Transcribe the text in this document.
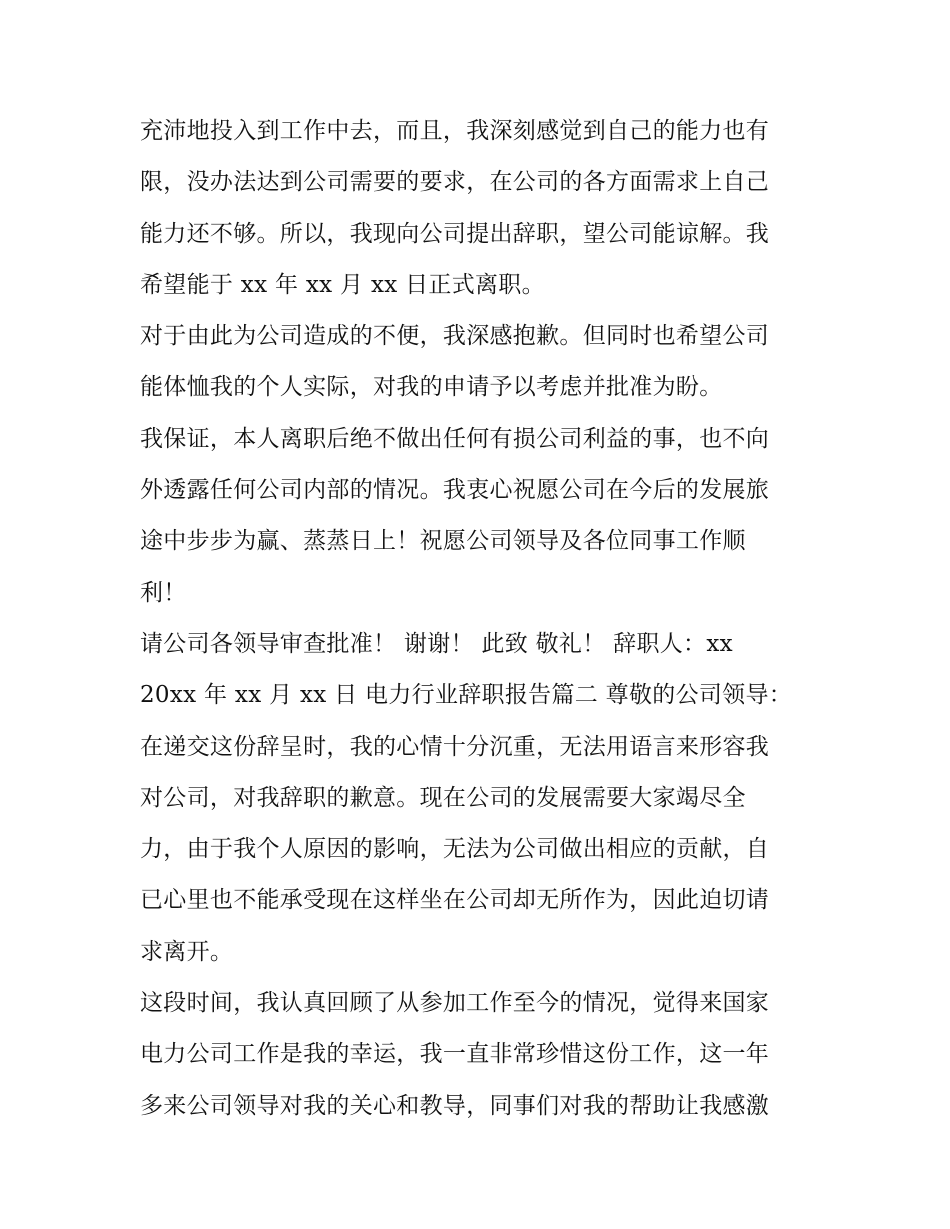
充沛地投入到工作中去，而且，我深刻感觉到自己的能力也有
限，没办法达到公司需要的要求，在公司的各方面需求上自己
能力还不够。所以，我现向公司提出辞职，望公司能谅解。我
希望能于 xx 年 xx 月 xx 日正式离职。
对于由此为公司造成的不便，我深感抱歉。但同时也希望公司
能体恤我的个人实际，对我的申请予以考虑并批准为盼。
我保证，本人离职后绝不做出任何有损公司利益的事，也不向
外透露任何公司内部的情况。我衷心祝愿公司在今后的发展旅
途中步步为赢、蒸蒸日上！祝愿公司领导及各位同事工作顺
利！
请公司各领导审查批准！ 谢谢！ 此致 敬礼！ 辞职人：xx
20xx 年 xx 月 xx 日 电力行业辞职报告篇二 尊敬的公司领导：
在递交这份辞呈时，我的心情十分沉重，无法用语言来形容我
对公司，对我辞职的歉意。现在公司的发展需要大家竭尽全
力，由于我个人原因的影响，无法为公司做出相应的贡献，自
已心里也不能承受现在这样坐在公司却无所作为，因此迫切请
求离开。
这段时间，我认真回顾了从参加工作至今的情况，觉得来国家
电力公司工作是我的幸运，我一直非常珍惜这份工作，这一年
多来公司领导对我的关心和教导，同事们对我的帮助让我感激
